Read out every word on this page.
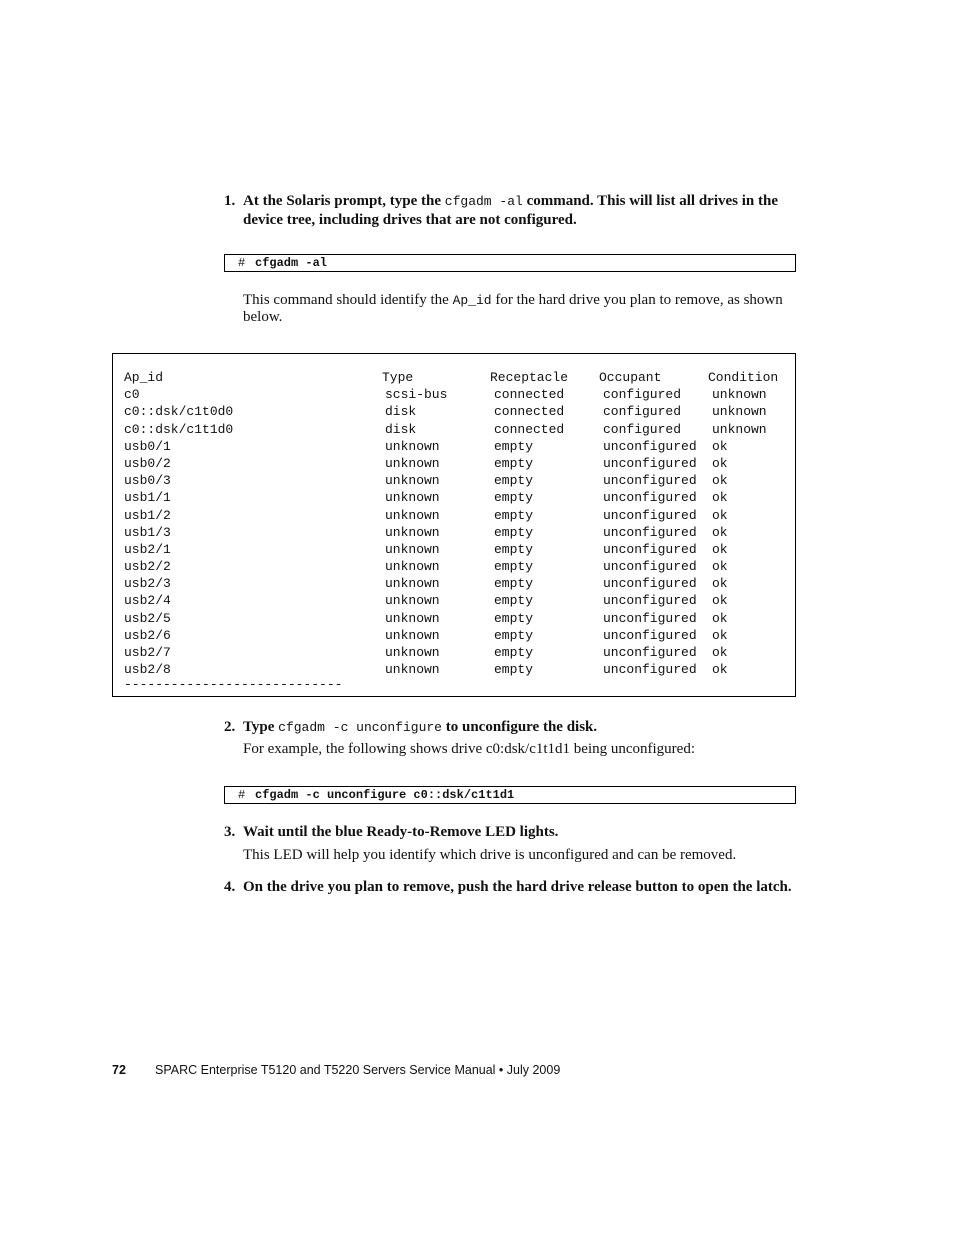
1. At the Solaris prompt, type the cfgadm -al command. This will list all drives in the device tree, including drives that are not configured.
# cfgadm -al
This command should identify the Ap_id for the hard drive you plan to remove, as shown below.
Ap_id	Type	Receptacle Occupant	Condition
c0	scsi-bus	connected	configured unknown
c0::dsk/c1t0d0	disk	connected	configured unknown
c0::dsk/c1t1d0	disk	connected	configured unknown
usb0/1	unknown	empty	unconfigured ok
usb0/2	unknown	empty	unconfigured ok
usb0/3	unknown	empty	unconfigured ok
usb1/1	unknown	empty	unconfigured ok
usb1/2	unknown	empty	unconfigured ok
usb1/3	unknown	empty	unconfigured ok
usb2/1	unknown	empty	unconfigured ok
usb2/2	unknown	empty	unconfigured ok
usb2/3	unknown	empty	unconfigured ok
usb2/4	unknown	empty	unconfigured ok
usb2/5	unknown	empty	unconfigured ok
usb2/6	unknown	empty	unconfigured ok
usb2/7	unknown	empty	unconfigured ok
usb2/8	unknown	empty	unconfigured ok
----------------------------
2. Type cfgadm -c unconfigure to unconfigure the disk.
For example, the following shows drive c0:dsk/c1t1d1 being unconfigured:
# cfgadm -c unconfigure c0::dsk/c1t1d1
3. Wait until the blue Ready-to-Remove LED lights.
This LED will help you identify which drive is unconfigured and can be removed.
4. On the drive you plan to remove, push the hard drive release button to open the latch.
72 SPARC Enterprise T5120 and T5220 Servers Service Manual • July 2009
